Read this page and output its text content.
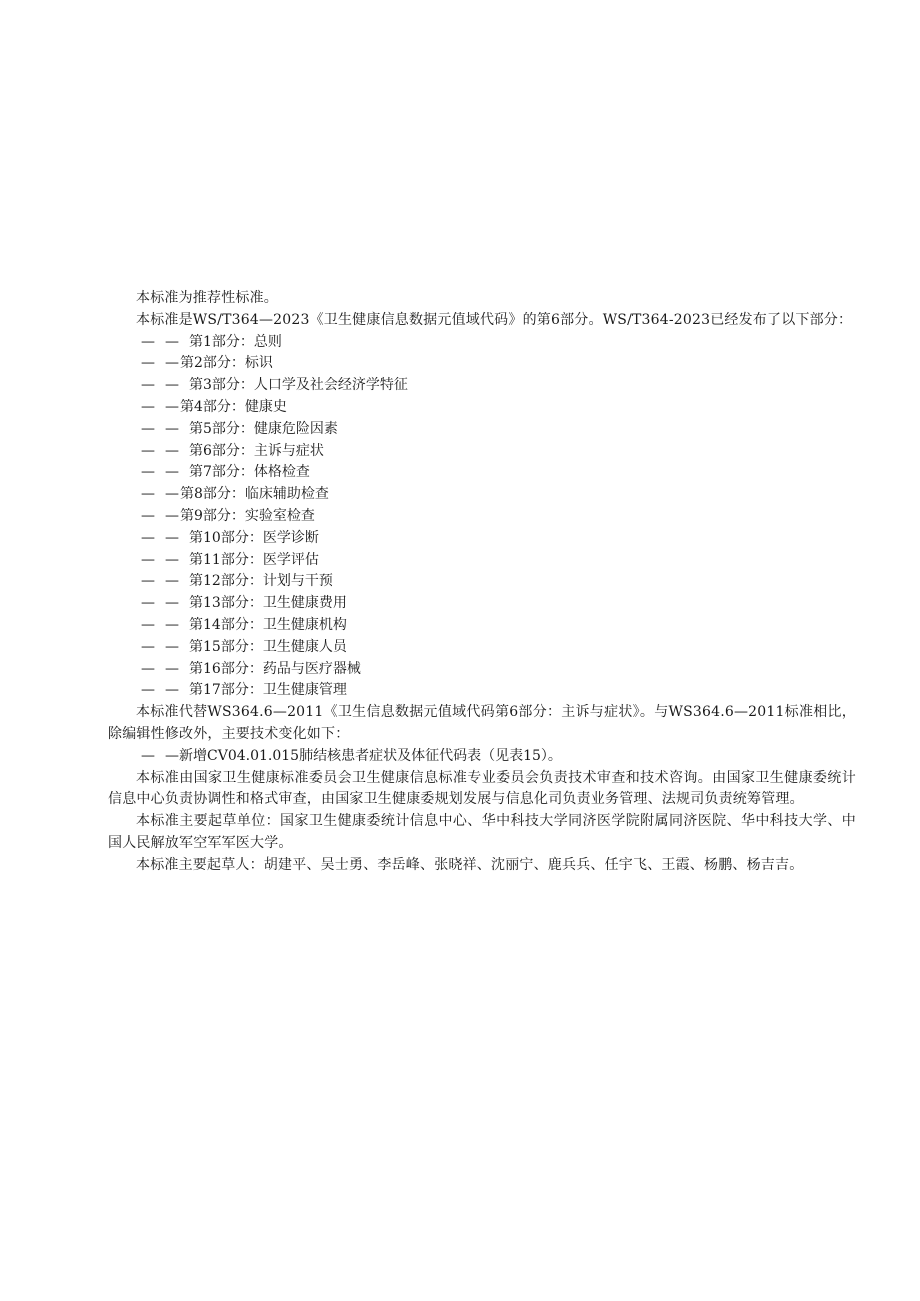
本标准为推荐性标准。

本标准是WS/T364—2023《卫生健康信息数据元值域代码》的第6部分。WS/T364-2023已经发布了以下部分：

— — 第1部分： 总则
— — 第2部分： 标识
— — 第3部分： 人口学及社会经济学特征
— — 第4部分： 健康史
— — 第5部分： 健康危险因素
— — 第6部分： 主诉与症状
— — 第7部分： 体格检查
— — 第8部分： 临床辅助检查
— — 第9部分： 实验室检查
— — 第10部分： 医学诊断
— — 第11部分： 医学评估
— — 第12部分： 计划与干预
— — 第13部分： 卫生健康费用
— — 第14部分： 卫生健康机构
— — 第15部分： 卫生健康人员
— — 第16部分： 药品与医疗器械
— — 第17部分： 卫生健康管理

本标准代替WS364.6—2011《卫生信息数据元值域代码第6部分：主诉与症状》。与WS364.6—2011标准相比，除编辑性修改外，主要技术变化如下：

— — 新增CV04.01.015肺结核患者症状及体征代码表（见表15）。

本标准由国家卫生健康标准委员会卫生健康信息标准专业委员会负责技术审查和技术咨询。由国家卫生健康委统计信息中心负责协调性和格式审查，由国家卫生健康委规划发展与信息化司负责业务管理、法规司负责统筹管理。

本标准主要起草单位：国家卫生健康委统计信息中心、华中科技大学同济医学院附属同济医院、华中科技大学、中国人民解放军空军军医大学。

本标准主要起草人：胡建平、吴士勇、李岳峰、张晓祥、沈丽宁、鹿兵兵、任宇飞、王霞、杨鹏、杨吉吉。
